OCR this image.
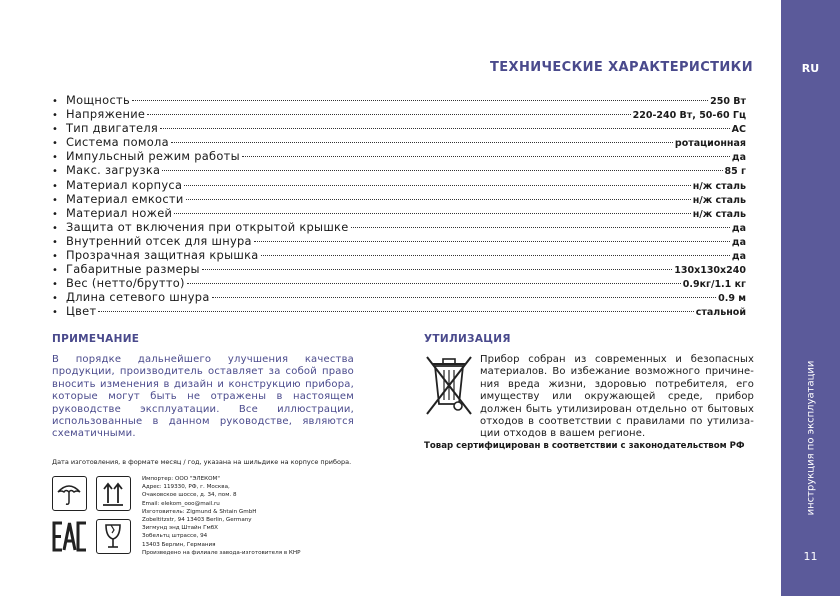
RU
инструкция по эксплуатации
11
ТЕХНИЧЕСКИЕ ХАРАКТЕРИСТИКИ
• Мощность	250 Вт
• Напряжение	220-240 Вт, 50-60 Гц
• Тип двигателя	AC
• Система помола	ротационная
• Импульсный режим работы	да
• Макс. загрузка	85 г
• Материал корпуса	н/ж сталь
• Материал емкости	н/ж сталь
• Материал ножей	н/ж сталь
• Защита от включения при открытой крышке	да
• Внутренний отсек для шнура	да
• Прозрачная защитная крышка	да
• Габаритные размеры	130x130x240
• Вес (нетто/брутто)	0.9кг/1.1 кг
• Длина сетевого шнура	0.9 м
• Цвет	стальной
ПРИМЕЧАНИЕ
В порядке дальнейшего улучшения качества продукции, производитель оставляет за собой право вносить изменения в дизайн и конструкцию прибора, которые могут быть не отражены в настоящем руководстве эксплуатации. Все иллюстрации, использованные в данном руководстве, являются схематичными.
УТИЛИЗАЦИЯ
Прибор собран из современных и безопасных материалов. Во избежание возможного причине-ния вреда жизни, здоровью потребителя, его имуществу или окружающей среде, прибор должен быть утилизирован отдельно от бытовых отходов в соответствии с правилами по утилиза-ции отходов в вашем регионе.
Товар сертифицирован в соответствии с законодательством РФ
Дата изготовления, в формате месяц / год, указана на шильдике на корпусе прибора.
Импортер: ООО "ЭЛЕКОМ"
Адрес: 119330, РФ, г. Москва,
Очаковское шоссе, д. 34, пом. 8
Email: elekom_ooo@mail.ru
Изготовитель: Zigmund & Shtain GmbH
Zobeltitzstr, 94 13403 Berlin, Germany
Зигмунд энд Штайн ГмбХ
Зобельтц штрассе, 94
13403 Берлин, Германия
Произведено на филиале завода-изготовителя в КНР
